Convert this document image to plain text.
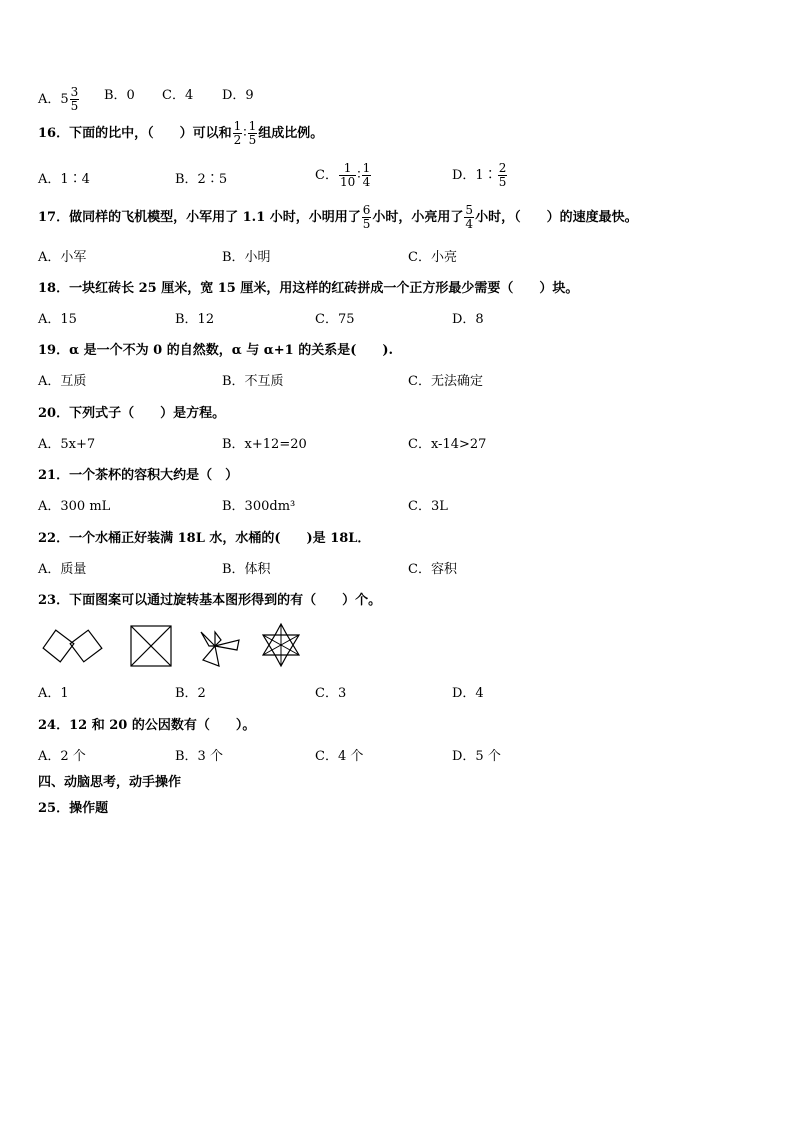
A． $5 \frac{3}{5}$ B．0 C．4 D．9
16．下面的比中，（　　）可以和 $\frac{1}{2}$ ∶ $\frac{1}{5}$ 组成比例。
A．1∶4	B．2∶5	C． $\frac{1}{10}$ ∶ $\frac{1}{4}$	D．1∶ $\frac{2}{5}$
17．做同样的飞机模型，小军用了 1.1 小时，小明用了 $\frac{6}{5}$ 小时，小亮用了 $\frac{5}{4}$ 小时，（　　）的速度最快。
A．小军	B．小明	C．小亮
18．一块红砖长 25 厘米，宽 15 厘米，用这样的红砖拼成一个正方形最少需要（　　）块。
A．15	B．12	C．75	D．8
19．α 是一个不为 0 的自然数，α 与 α+1 的关系是(　　).
A．互质	B．不互质	C．无法确定
20．下列式子（　　）是方程。
A．5x+7	B．x+12=20	C．x-14>27
21．一个茶杯的容积大约是（　）
A．300 mL	B．300dm³	C．3L
22．一个水桶正好装满 18L 水，水桶的(　　)是 18L．
A．质量	B．体积	C．容积
23．下面图案可以通过旋转基本图形得到的有（　　）个。
A．1	B．2	C．3	D．4
24．12 和 20 的公因数有（　　）。
A．2 个	B．3 个	C．4 个	D．5 个
四、动脑思考，动手操作
25．操作题
